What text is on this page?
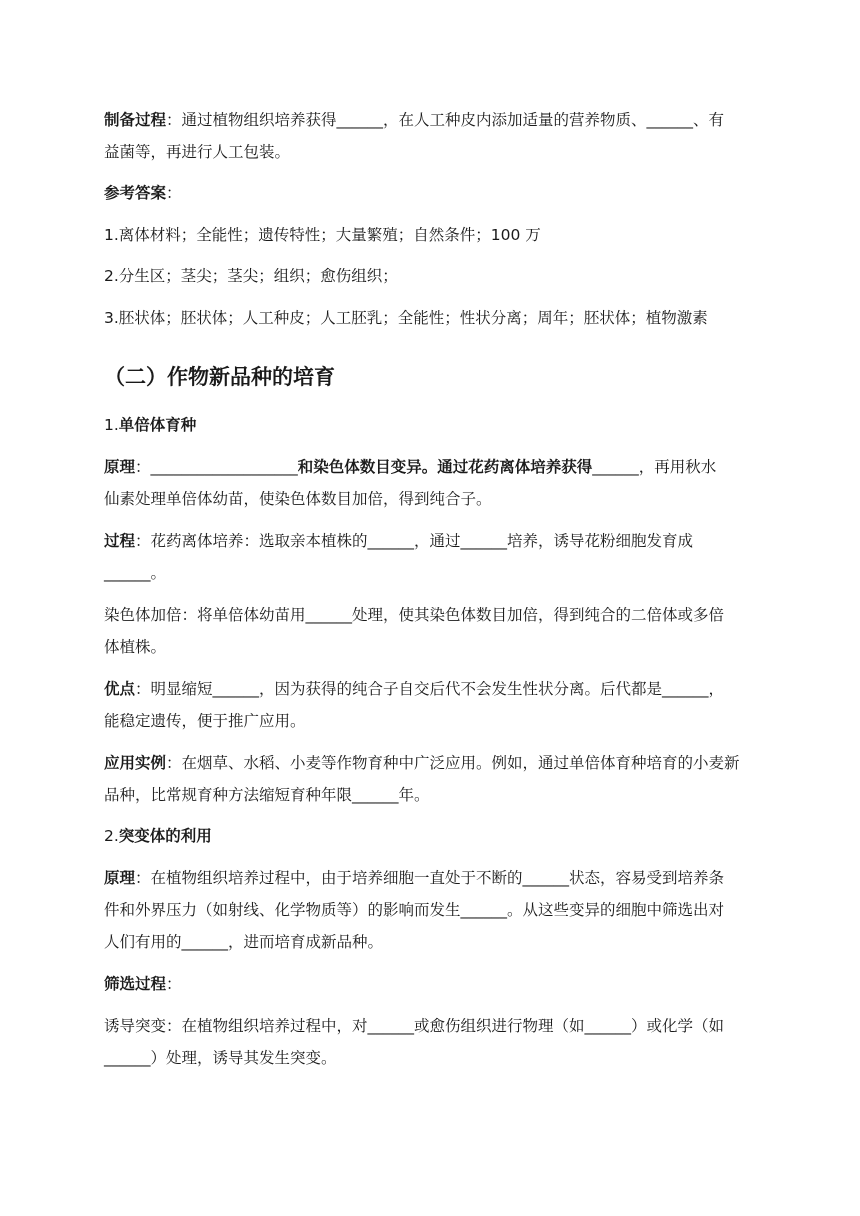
制备过程：通过植物组织培养获得______，在人工种皮内添加适量的营养物质、______、有
益菌等，再进行人工包装。
参考答案：
1.离体材料；全能性；遗传特性；大量繁殖；自然条件；100 万
2.分生区；茎尖；茎尖；组织；愈伤组织；
3.胚状体；胚状体；人工种皮；人工胚乳；全能性；性状分离；周年；胚状体；植物激素
（二）作物新品种的培育
1.单倍体育种
原理：___________________和染色体数目变异。通过花药离体培养获得______，再用秋水
仙素处理单倍体幼苗，使染色体数目加倍，得到纯合子。
过程：花药离体培养：选取亲本植株的______，通过______培养，诱导花粉细胞发育成
______。
染色体加倍：将单倍体幼苗用______处理，使其染色体数目加倍，得到纯合的二倍体或多倍
体植株。
优点：明显缩短______，因为获得的纯合子自交后代不会发生性状分离。后代都是______，
能稳定遗传，便于推广应用。
应用实例：在烟草、水稻、小麦等作物育种中广泛应用。例如，通过单倍体育种培育的小麦新
品种，比常规育种方法缩短育种年限______年。
2.突变体的利用
原理：在植物组织培养过程中，由于培养细胞一直处于不断的______状态，容易受到培养条
件和外界压力（如射线、化学物质等）的影响而发生______。从这些变异的细胞中筛选出对
人们有用的______，进而培育成新品种。
筛选过程：
诱导突变：在植物组织培养过程中，对______或愈伤组织进行物理（如______）或化学（如
______）处理，诱导其发生突变。
